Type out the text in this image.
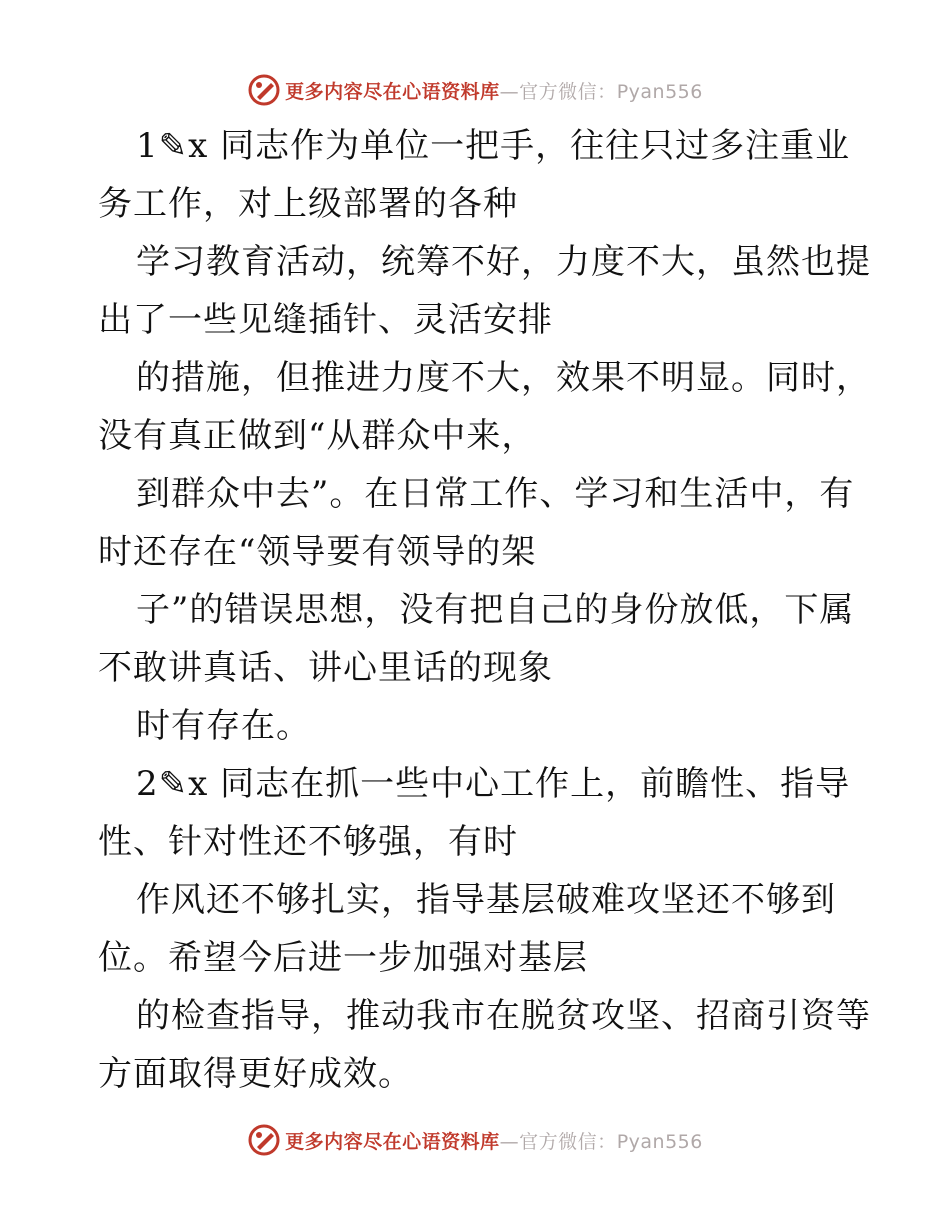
更多内容尽在心语资料库—官方微信：Pyan556
1✎x 同志作为单位一把手，往往只过多注重业
务工作，对上级部署的各种
学习教育活动，统筹不好，力度不大，虽然也提
出了一些见缝插针、灵活安排
的措施，但推进力度不大，效果不明显。同时，
没有真正做到“从群众中来，
到群众中去”。在日常工作、学习和生活中，有
时还存在“领导要有领导的架
子”的错误思想，没有把自己的身份放低，下属
不敢讲真话、讲心里话的现象
时有存在。
2✎x 同志在抓一些中心工作上，前瞻性、指导
性、针对性还不够强，有时
作风还不够扎实，指导基层破难攻坚还不够到
位。希望今后进一步加强对基层
的检查指导，推动我市在脱贫攻坚、招商引资等
方面取得更好成效。
更多内容尽在心语资料库—官方微信：Pyan556
